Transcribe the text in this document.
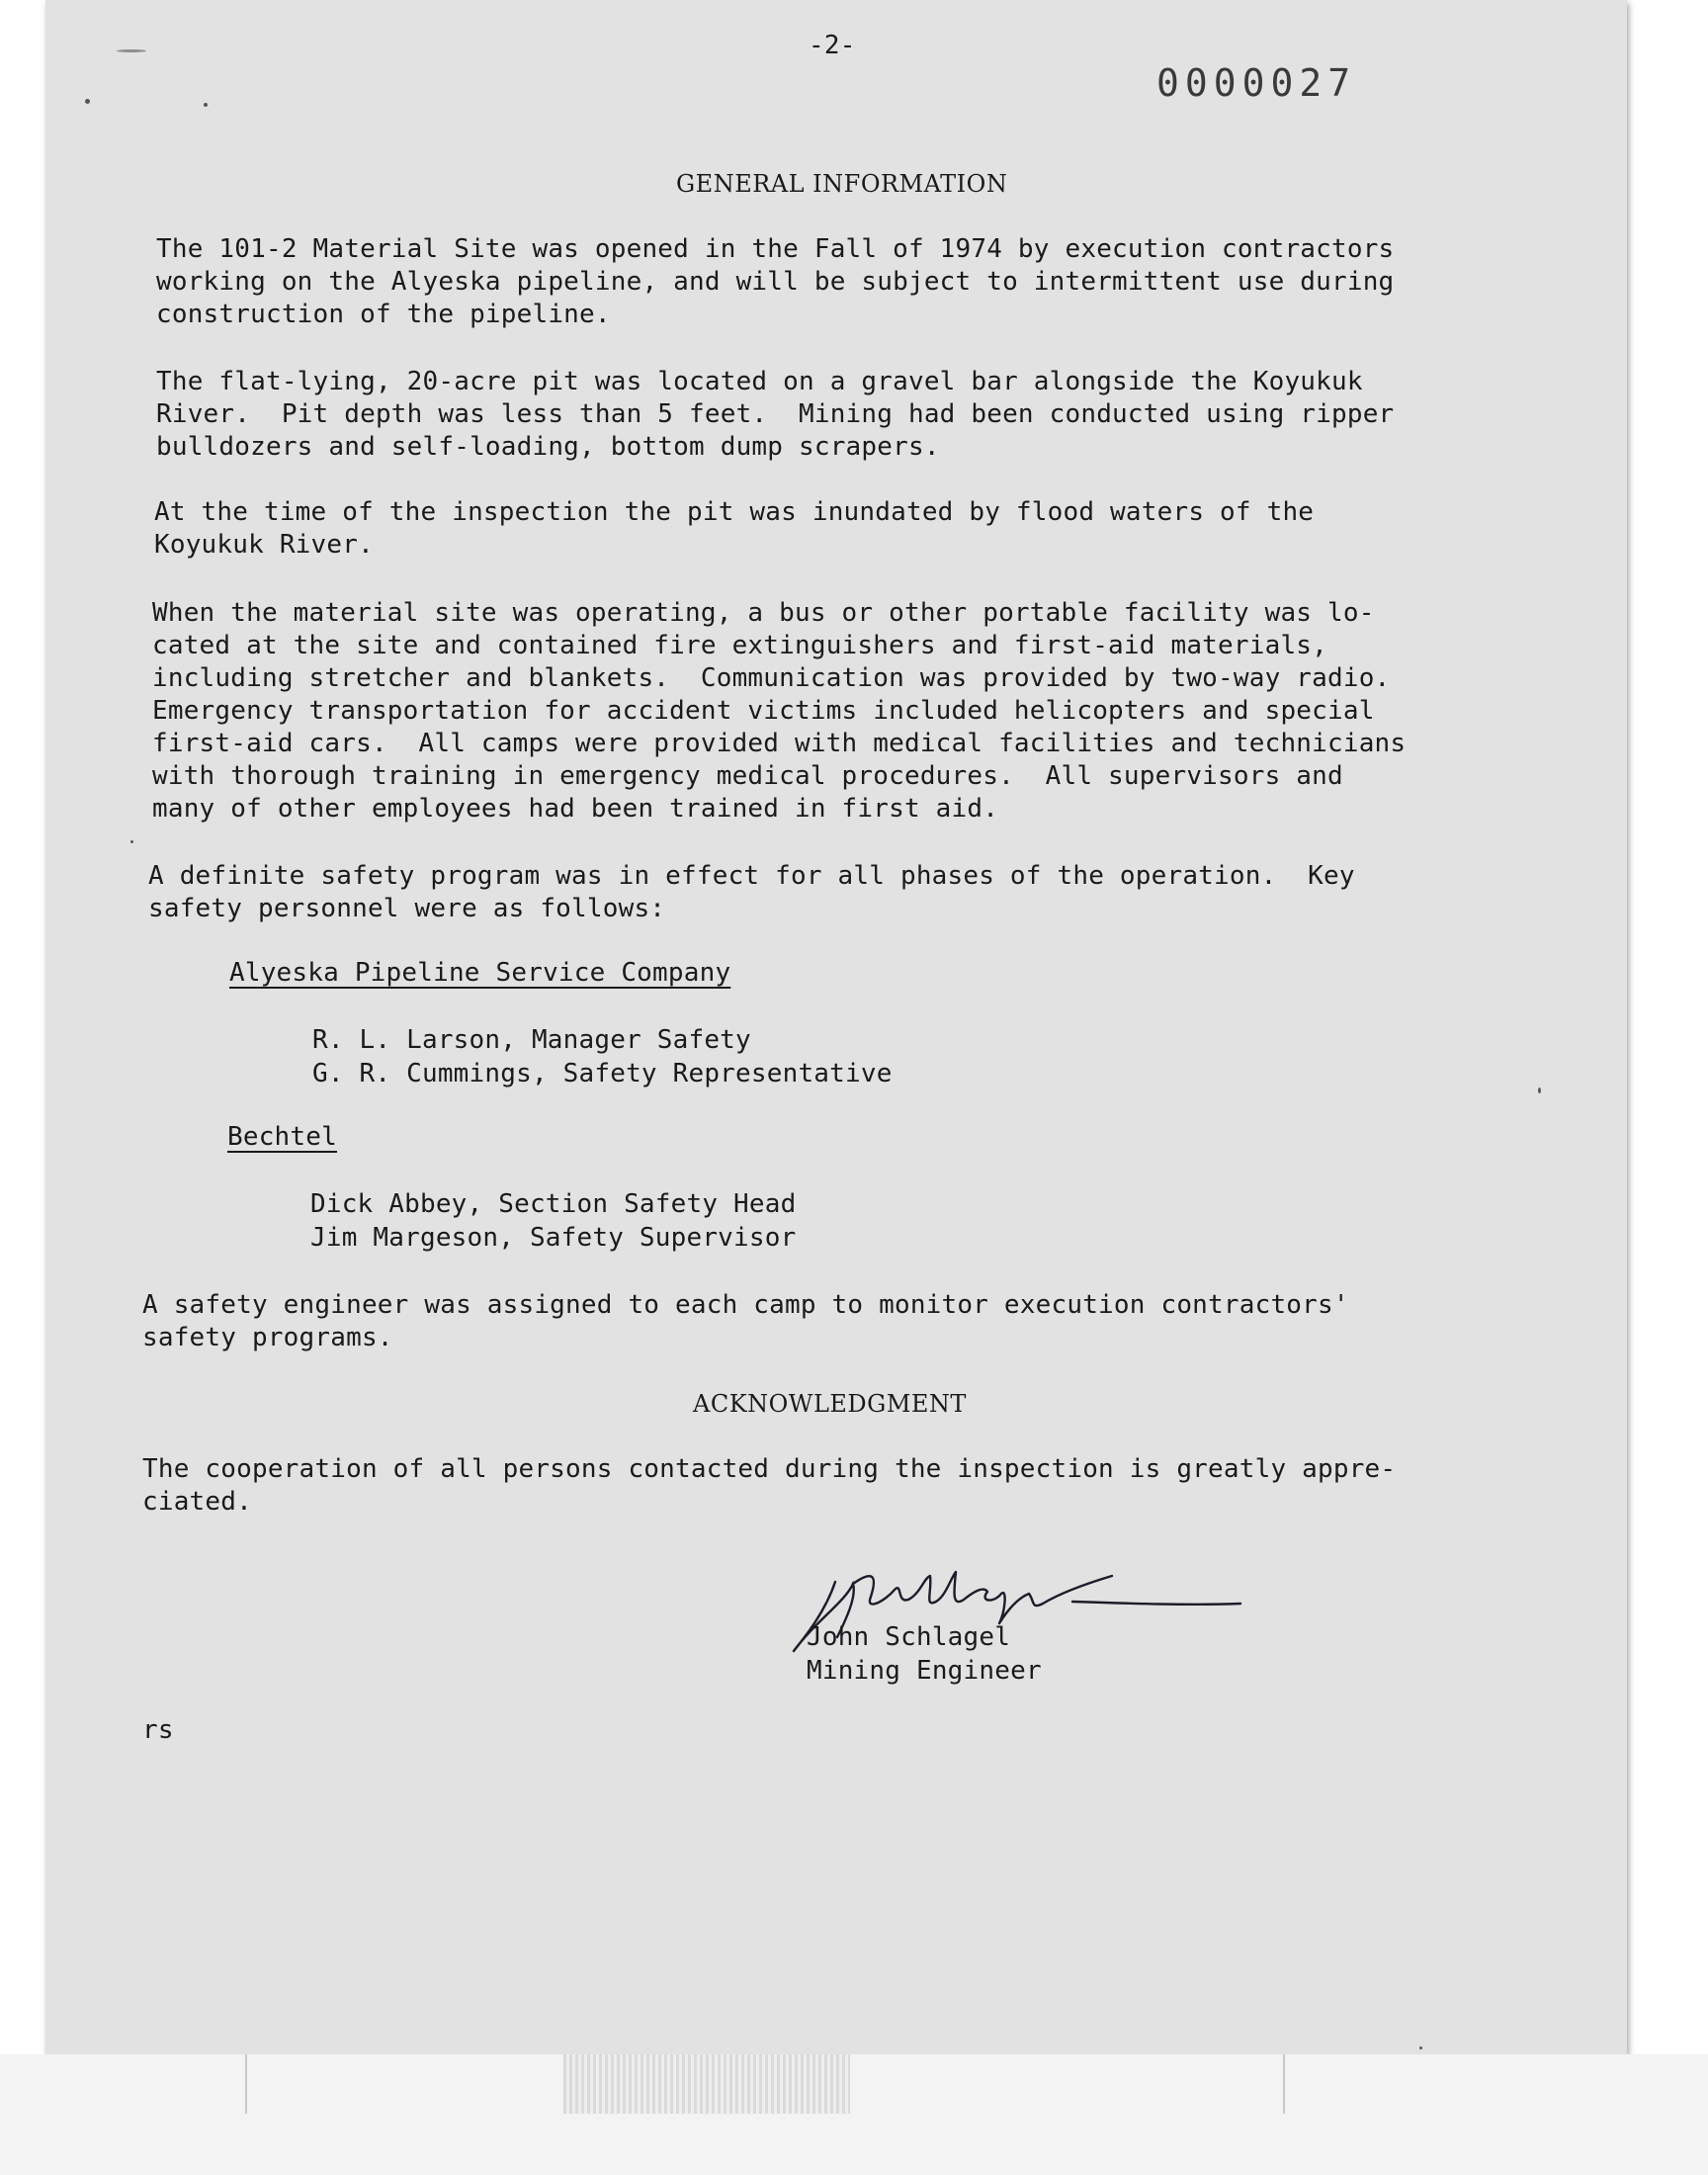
-2-

0000027

GENERAL INFORMATION

The 101-2 Material Site was opened in the Fall of 1974 by execution contractors

working on the Alyeska pipeline, and will be subject to intermittent use during

construction of the pipeline.

The flat-lying, 20-acre pit was located on a gravel bar alongside the Koyukuk

River.  Pit depth was less than 5 feet.  Mining had been conducted using ripper

bulldozers and self-loading, bottom dump scrapers.

At the time of the inspection the pit was inundated by flood waters of the

Koyukuk River.

When the material site was operating, a bus or other portable facility was lo-

cated at the site and contained fire extinguishers and first-aid materials,

including stretcher and blankets.  Communication was provided by two-way radio.

Emergency transportation for accident victims included helicopters and special

first-aid cars.  All camps were provided with medical facilities and technicians

with thorough training in emergency medical procedures.  All supervisors and

many of other employees had been trained in first aid.

A definite safety program was in effect for all phases of the operation.  Key

safety personnel were as follows:

Alyeska Pipeline Service Company

R. L. Larson, Manager Safety

G. R. Cummings, Safety Representative

Bechtel

Dick Abbey, Section Safety Head

Jim Margeson, Safety Supervisor

A safety engineer was assigned to each camp to monitor execution contractors'

safety programs.

ACKNOWLEDGMENT

The cooperation of all persons contacted during the inspection is greatly appre-

ciated.

John Schlagel

Mining Engineer

rs
